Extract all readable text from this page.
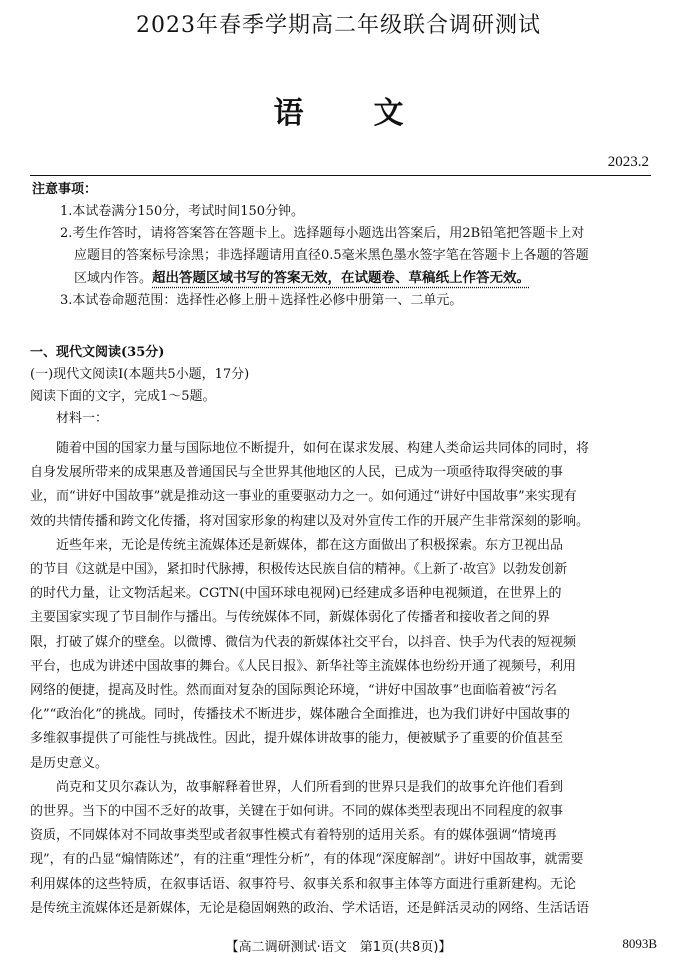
2023年春季学期高二年级联合调研测试
语文
2023.2
注意事项：
1.本试卷满分150分，考试时间150分钟。
2.考生作答时，请将答案答在答题卡上。选择题每小题选出答案后，用2B铅笔把答题卡上对
应题目的答案标号涂黑；非选择题请用直径0.5毫米黑色墨水签字笔在答题卡上各题的答题
区域内作答。超出答题区域书写的答案无效，在试题卷、草稿纸上作答无效。
3.本试卷命题范围：选择性必修上册＋选择性必修中册第一、二单元。
一、现代文阅读(35分)
(一)现代文阅读Ⅰ(本题共5小题，17分)
阅读下面的文字，完成1～5题。
材料一：

随着中国的国家力量与国际地位不断提升，如何在谋求发展、构建人类命运共同体的同时，将
自身发展所带来的成果惠及普通国民与全世界其他地区的人民，已成为一项亟待取得突破的事
业，而“讲好中国故事”就是推动这一事业的重要驱动力之一。如何通过“讲好中国故事”来实现有
效的共情传播和跨文化传播，将对国家形象的构建以及对外宣传工作的开展产生非常深刻的影响。

近些年来，无论是传统主流媒体还是新媒体，都在这方面做出了积极探索。东方卫视出品
的节目《这就是中国》，紧扣时代脉搏，积极传达民族自信的精神。《上新了·故宫》以勃发创新
的时代力量，让文物活起来。CGTN(中国环球电视网)已经建成多语种电视频道，在世界上的
主要国家实现了节目制作与播出。与传统媒体不同，新媒体弱化了传播者和接收者之间的界
限，打破了媒介的壁垒。以微博、微信为代表的新媒体社交平台，以抖音、快手为代表的短视频
平台，也成为讲述中国故事的舞台。《人民日报》、新华社等主流媒体也纷纷开通了视频号，利用
网络的便捷，提高及时性。然而面对复杂的国际舆论环境，“讲好中国故事”也面临着被“污名
化”“政治化”的挑战。同时，传播技术不断进步，媒体融合全面推进，也为我们讲好中国故事的
多维叙事提供了可能性与挑战性。因此，提升媒体讲故事的能力，便被赋予了重要的价值甚至
是历史意义。

尚克和艾贝尔森认为，故事解释着世界，人们所看到的世界只是我们的故事允许他们看到
的世界。当下的中国不乏好的故事，关键在于如何讲。不同的媒体类型表现出不同程度的叙事
资质，不同媒体对不同故事类型或者叙事性模式有着特别的适用关系。有的媒体强调“情境再
现”，有的凸显“煽情陈述”，有的注重“理性分析”，有的体现“深度解剖”。讲好中国故事，就需要
利用媒体的这些特质，在叙事话语、叙事符号、叙事关系和叙事主体等方面进行重新建构。无论
是传统主流媒体还是新媒体，无论是稳固娴熟的政治、学术话语，还是鲜活灵动的网络、生活话语

【高二调研测试·语文　第1页(共8页)】	8093B
